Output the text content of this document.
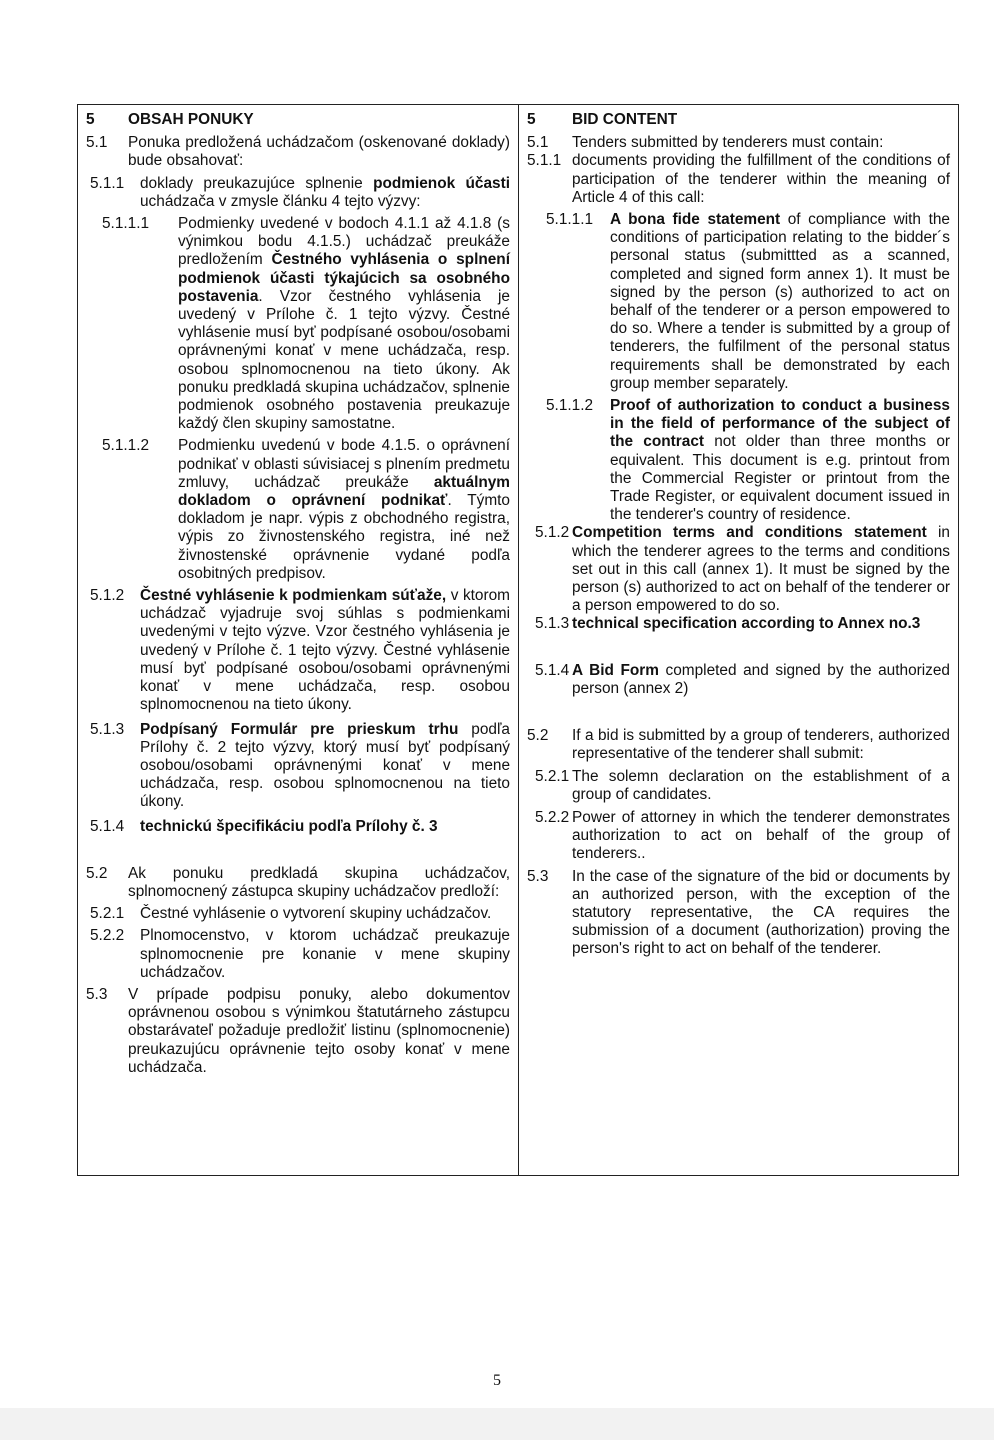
5 OBSAH PONUKY
5.1 Ponuka predložená uchádzačom (oskenované doklady) bude obsahovať:
5.1.1 doklady preukazujúce splnenie podmienok účasti uchádzača v zmysle článku 4 tejto výzvy:
5.1.1.1 Podmienky uvedené v bodoch 4.1.1 až 4.1.8 (s výnimkou bodu 4.1.5.) uchádzač preukáže predložením Čestného vyhlásenia o splnení podmienok účasti týkajúcich sa osobného postavenia. Vzor čestného vyhlásenia je uvedený v Prílohe č. 1 tejto výzvy. Čestné vyhlásenie musí byť podpísané osobou/osobami oprávnenými konať v mene uchádzača, resp. osobou splnomocnenou na tieto úkony. Ak ponuku predkladá skupina uchádzačov, splnenie podmienok osobného postavenia preukazuje každý člen skupiny samostatne.
5.1.1.2 Podmienku uvedenú v bode 4.1.5. o oprávnení podnikať v oblasti súvisiacej s plnením predmetu zmluvy, uchádzač preukáže aktuálnym dokladom o oprávnení podnikať. Týmto dokladom je napr. výpis z obchodného registra, výpis zo živnostenského registra, iné než živnostenské oprávnenie vydané podľa osobitných predpisov.
5.1.2 Čestné vyhlásenie k podmienkam súťaže, v ktorom uchádzač vyjadruje svoj súhlas s podmienkami uvedenými v tejto výzve. Vzor čestného vyhlásenia je uvedený v Prílohe č. 1 tejto výzvy. Čestné vyhlásenie musí byť podpísané osobou/osobami oprávnenými konať v mene uchádzača, resp. osobou splnomocnenou na tieto úkony.
5.1.3 Podpísaný Formulár pre prieskum trhu podľa Prílohy č. 2 tejto výzvy, ktorý musí byť podpísaný osobou/osobami oprávnenými konať v mene uchádzača, resp. osobou splnomocnenou na tieto úkony.
5.1.4 technickú špecifikáciu podľa Prílohy č. 3
5.2 Ak ponuku predkladá skupina uchádzačov, splnomocnený zástupca skupiny uchádzačov predloží:
5.2.1 Čestné vyhlásenie o vytvorení skupiny uchádzačov.
5.2.2 Plnomocenstvo, v ktorom uchádzač preukazuje splnomocnenie pre konanie v mene skupiny uchádzačov.
5.3 V prípade podpisu ponuky, alebo dokumentov oprávnenou osobou s výnimkou štatutárneho zástupcu obstarávateľ požaduje predložiť listinu (splnomocnenie) preukazujúcu oprávnenie tejto osoby konať v mene uchádzača.
5 BID CONTENT
5.1 Tenders submitted by tenderers must contain:
5.1.1 documents providing the fulfillment of the conditions of participation of the tenderer within the meaning of Article 4 of this call:
5.1.1.1 A bona fide statement of compliance with the conditions of participation relating to the bidder´s personal status (submittted as a scanned, completed and signed form annex 1). It must be signed by the person (s) authorized to act on behalf of the tenderer or a person empowered to do so. Where a tender is submitted by a group of tenderers, the fulfilment of the personal status requirements shall be demonstrated by each group member separately.
5.1.1.2 Proof of authorization to conduct a business in the field of performance of the subject of the contract not older than three months or equivalent. This document is e.g. printout from the Commercial Register or printout from the Trade Register, or equivalent document issued in the tenderer's country of residence.
5.1.2 Competition terms and conditions statement in which the tenderer agrees to the terms and conditions set out in this call (annex 1). It must be signed by the person (s) authorized to act on behalf of the tenderer or a person empowered to do so.
5.1.3 technical specification according to Annex no.3
5.1.4 A Bid Form completed and signed by the authorized person (annex 2)
5.2 If a bid is submitted by a group of tenderers, authorized representative of the tenderer shall submit:
5.2.1 The solemn declaration on the establishment of a group of candidates.
5.2.2 Power of attorney in which the tenderer demonstrates authorization to act on behalf of the group of tenderers..
5.3 In the case of the signature of the bid or documents by an authorized person, with the exception of the statutory representative, the CA requires the submission of a document (authorization) proving the person's right to act on behalf of the tenderer.
5
